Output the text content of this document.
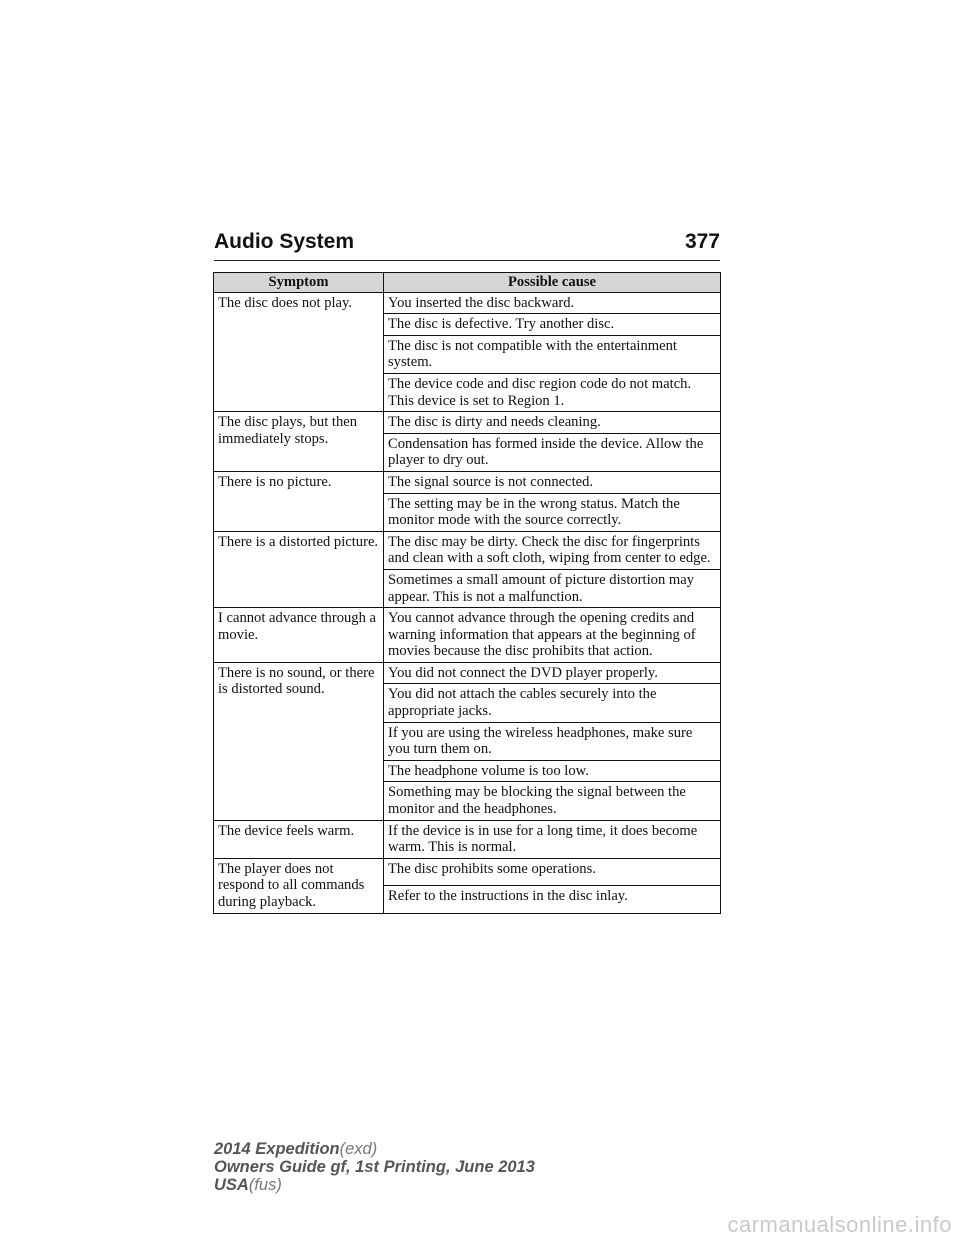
Audio System	377
Symptom	Possible cause
The disc does not play.	You inserted the disc backward.
	The disc is defective. Try another disc.
	The disc is not compatible with the entertainment system.
	The device code and disc region code do not match. This device is set to Region 1.
The disc plays, but then immediately stops.	The disc is dirty and needs cleaning.
	Condensation has formed inside the device. Allow the player to dry out.
There is no picture.	The signal source is not connected.
	The setting may be in the wrong status. Match the monitor mode with the source correctly.
There is a distorted picture.	The disc may be dirty. Check the disc for fingerprints and clean with a soft cloth, wiping from center to edge.
	Sometimes a small amount of picture distortion may appear. This is not a malfunction.
I cannot advance through a movie.	You cannot advance through the opening credits and warning information that appears at the beginning of movies because the disc prohibits that action.
There is no sound, or there is distorted sound.	You did not connect the DVD player properly.
	You did not attach the cables securely into the appropriate jacks.
	If you are using the wireless headphones, make sure you turn them on.
	The headphone volume is too low.
	Something may be blocking the signal between the monitor and the headphones.
The device feels warm.	If the device is in use for a long time, it does become warm. This is normal.
The player does not respond to all commands during playback.	The disc prohibits some operations.
	Refer to the instructions in the disc inlay.
2014 Expedition(exd)
Owners Guide gf, 1st Printing, June 2013
USA(fus)
carmanualsonline.info
